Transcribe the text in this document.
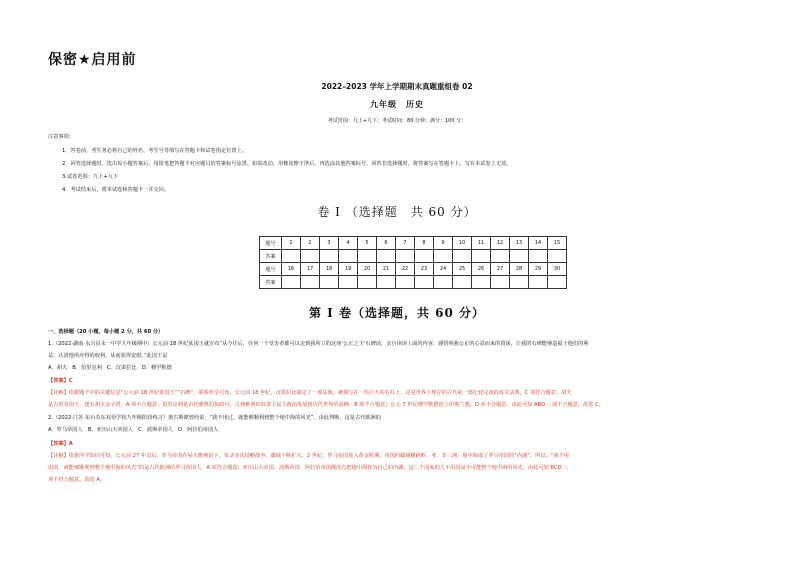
保密★启用前
2022–2023 学年上学期期末真题重组卷 02
九年级　历史
考试范围：九上+九下；考试时间：80 分钟；满分：100 分；
注意事项：
1．答卷前，考生务必将自己的姓名、考生号等填写在答题卡和试卷指定位置上。
2．回答选择题时，选出每小题答案后，用铅笔把答题卡对应题目的答案标号涂黑。如需改动，用橡皮擦干净后，再选涂其他答案标号。回答非选择题时，将答案写在答题卡上。写在本试卷上无效。
3.试卷范围：九上+九下
4．考试结束后，将本试卷和答题卡一并交回。
卷 I （选择题　共 60 分）
题号	1	2	3	4	5	6	7	8	9	10	11	12	13	14	15
答案															
题号	16	17	18	19	20	21	22	23	24	25	26	27	28	29	30
答案															
第 I 卷（选择题，共 60 分）
一、选择题（20 小题，每小题 2 分，共 60 分）
1.（2022·湖南·永兴县永一中学九年级期中）公元前 18 世纪某国王就宣布“从今往后，任何一个受害者都可以走到我所立的这座‘公正之王’石碑前，亲自读读上面的内容，感悟明我公正的心意而来的资深，让我的石碑能够造福于他们的利
益。认清他所应得的权利，从而获得安慰。”此国王是
A．胡夫　B．伯里克利　C．汉谟拉比　D．穆罕默德
【答案】C
【详解】依据题干中的关键信息“公元前 18 世纪某国王”“石碑”，联系所学可知，公元前 18 世纪，汉谟拉比制定了一部法典，被刻写在一块巨大的石柱上，这是世界上现存的古代第一部比较完备的成文法典，C 项符合题意；胡夫
是古埃及国王，建有胡夫金字塔，A 项不合题意；伯里克利是古代雅典的执政官，古典雅典的奴隶主民主政治发展到古代世界的高峰，B 项不合题意；公元 7 世纪穆罕默德创立伊斯兰教，D 项不合题意。由此可知 ABD 三项不合题意，故选 C。
2.（2022·江苏·东台苏东双语学校九年级阶段练习）奥古斯都曾经说：“我不用过，就能够顺利到整个地中海的风光”。由此判断，这是古代欧洲的
A．罗马帝国人　B．亚历山大帝国人　C．波斯帝国人　D．阿拉伯帝国人
【答案】A
【详解】依据所学知识可知，公元前 27 年以后，罗马帝国在屋大维统治下，发动多次侵略战争，疆域不断扩大，2 世纪，罗马帝国进入黄金时期。帝国的疆域横跨欧、亚、非三洲，地中海成了罗马帝国的“内湖”。所以，“我不用
出国，就能够顺利到整个地中海的风光”的是古代欧洲的罗马帝国人，A 项符合题意；亚历山大帝国、波斯帝国、阿拉伯帝国都没有把地中海作为自己的内湖，这三个国家的人不出国是不可能整个地中海的风光，由此可知 BCD 三
项不符合题意。故选 A。
